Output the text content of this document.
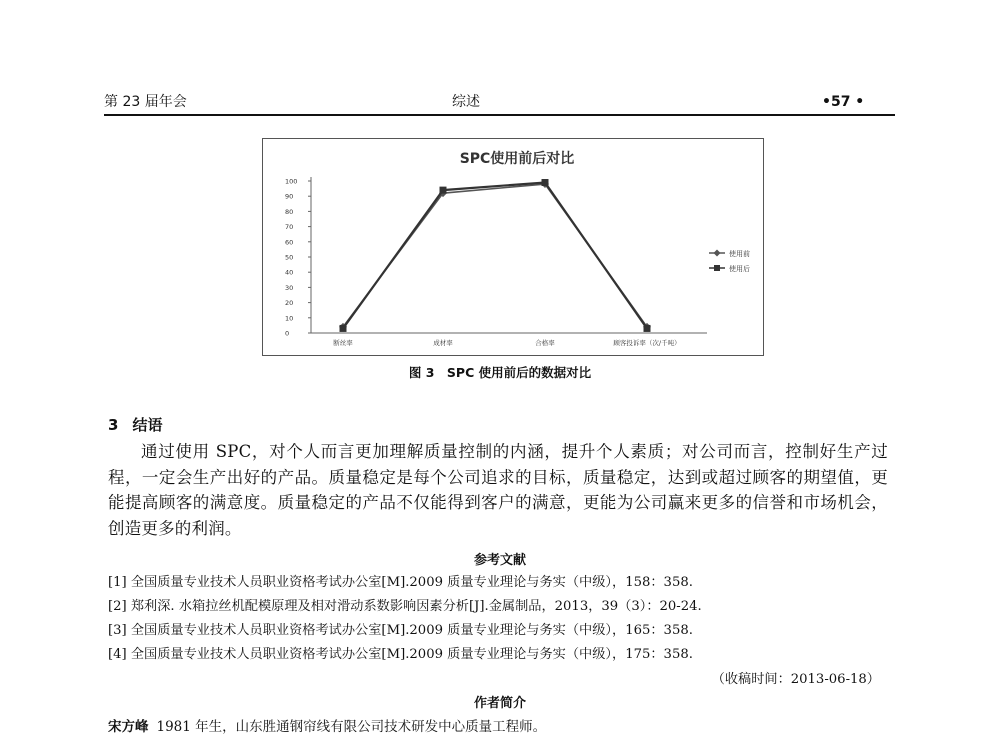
第 23 届年会	综述	•57 •
SPC使用前后对比
0
10
20
30
40
50
60
70
80
90
100
断丝率	成材率	合格率	顾客投诉率（次/千吨）
使用前
使用后
图 3　SPC 使用前后的数据对比
3 结语
通过使用 SPC，对个人而言更加理解质量控制的内涵，提升个人素质；对公司而言，控制好生产过程，一定会生产出好的产品。质量稳定是每个公司追求的目标，质量稳定，达到或超过顾客的期望值，更能提高顾客的满意度。质量稳定的产品不仅能得到客户的满意，更能为公司赢来更多的信誉和市场机会，创造更多的利润。
参考文献
[1] 全国质量专业技术人员职业资格考试办公室[M].2009 质量专业理论与务实（中级），158：358.
[2] 郑利深. 水箱拉丝机配模原理及相对滑动系数影响因素分析[J].金属制品，2013，39（3）：20-24.
[3] 全国质量专业技术人员职业资格考试办公室[M].2009 质量专业理论与务实（中级），165：358.
[4] 全国质量专业技术人员职业资格考试办公室[M].2009 质量专业理论与务实（中级），175：358.
（收稿时间：2013-06-18）
作者简介
宋方峰 1981 年生，山东胜通钢帘线有限公司技术研发中心质量工程师。
